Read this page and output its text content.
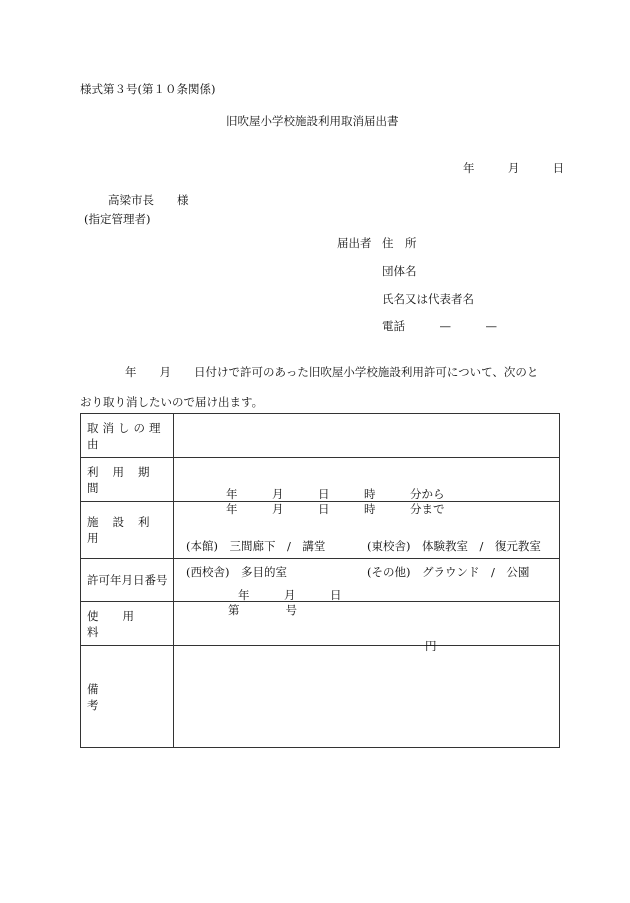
様式第３号(第１０条関係)
旧吹屋小学校施設利用取消届出書
年	月	日
高梁市長　　様
(指定管理者)
届出者 住　所
団体名
氏名又は代表者名
電話　　　—　　　—
年　　月　　日付けで許可のあった旧吹屋小学校施設利用許可について、次のと
おり取り消したいので届け出ます。
取消しの理由	
利用期間	年　　　月　　　日　　　時　　　分から
年　　　月　　　日　　　時　　　分まで

施設利用	(本館)　三間廊下　/　講堂 (東校舎)　体験教室　/　復元教室
(西校舎)　多目的室 (その他)　グラウンド　/　公園

許可年月日番号	年　　　月　　　日
第　　　　号

使用料	円

備考	
